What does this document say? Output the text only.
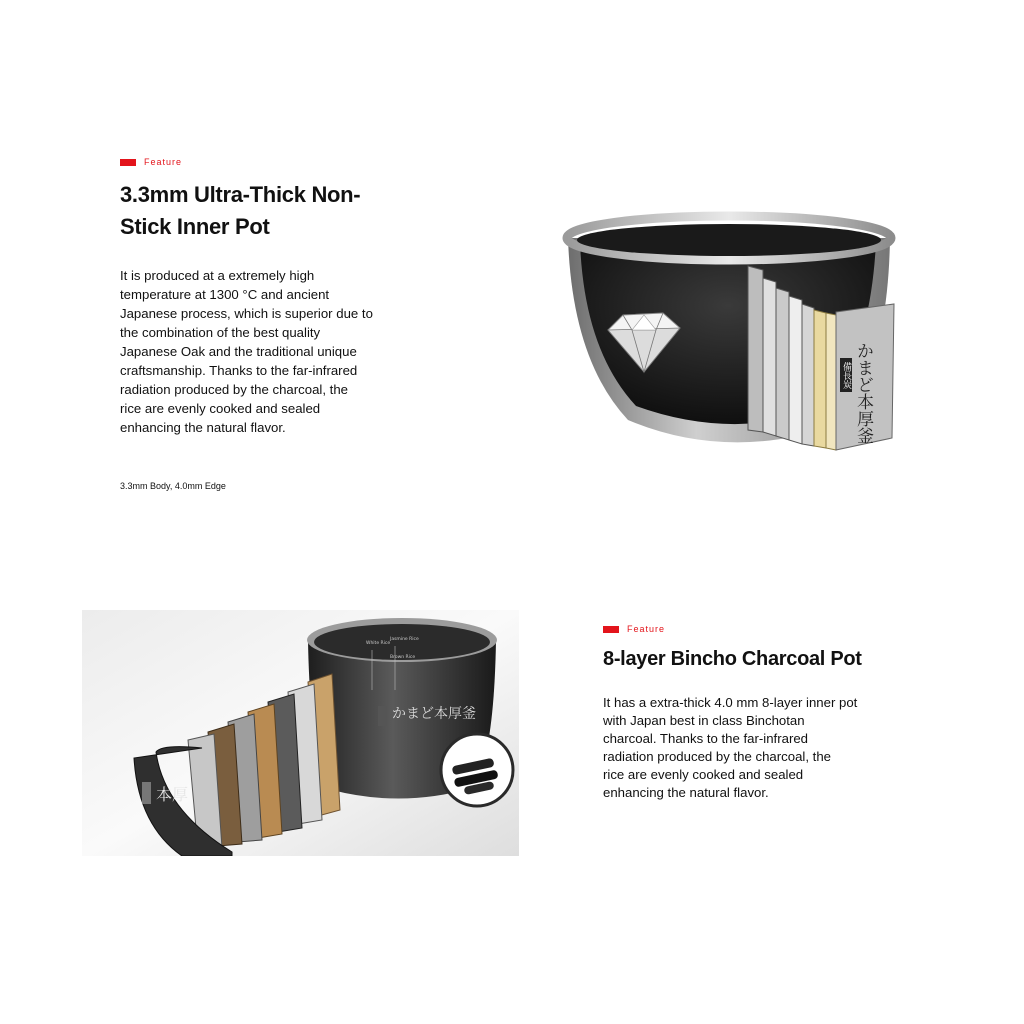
Feature
3.3mm Ultra-Thick Non-
Stick Inner Pot

It is produced at a extremely high
temperature at 1300 °C and ancient
Japanese process, which is superior due to
the combination of the best quality
Japanese Oak and the traditional unique
craftsmanship. Thanks to the far-infrared
radiation produced by the charcoal, the
rice are evenly cooked and sealed
enhancing the natural flavor.

3.3mm Body, 4.0mm Edge
かまど本厚釜
備長炭
White Rice
Jasmine Rice
Brown Rice
かまど本厚釜
本厚
Feature
8-layer Bincho Charcoal Pot

It has a extra-thick 4.0 mm 8-layer inner pot
with Japan best in class Binchotan
charcoal. Thanks to the far-infrared
radiation produced by the charcoal, the
rice are evenly cooked and sealed
enhancing the natural flavor.
